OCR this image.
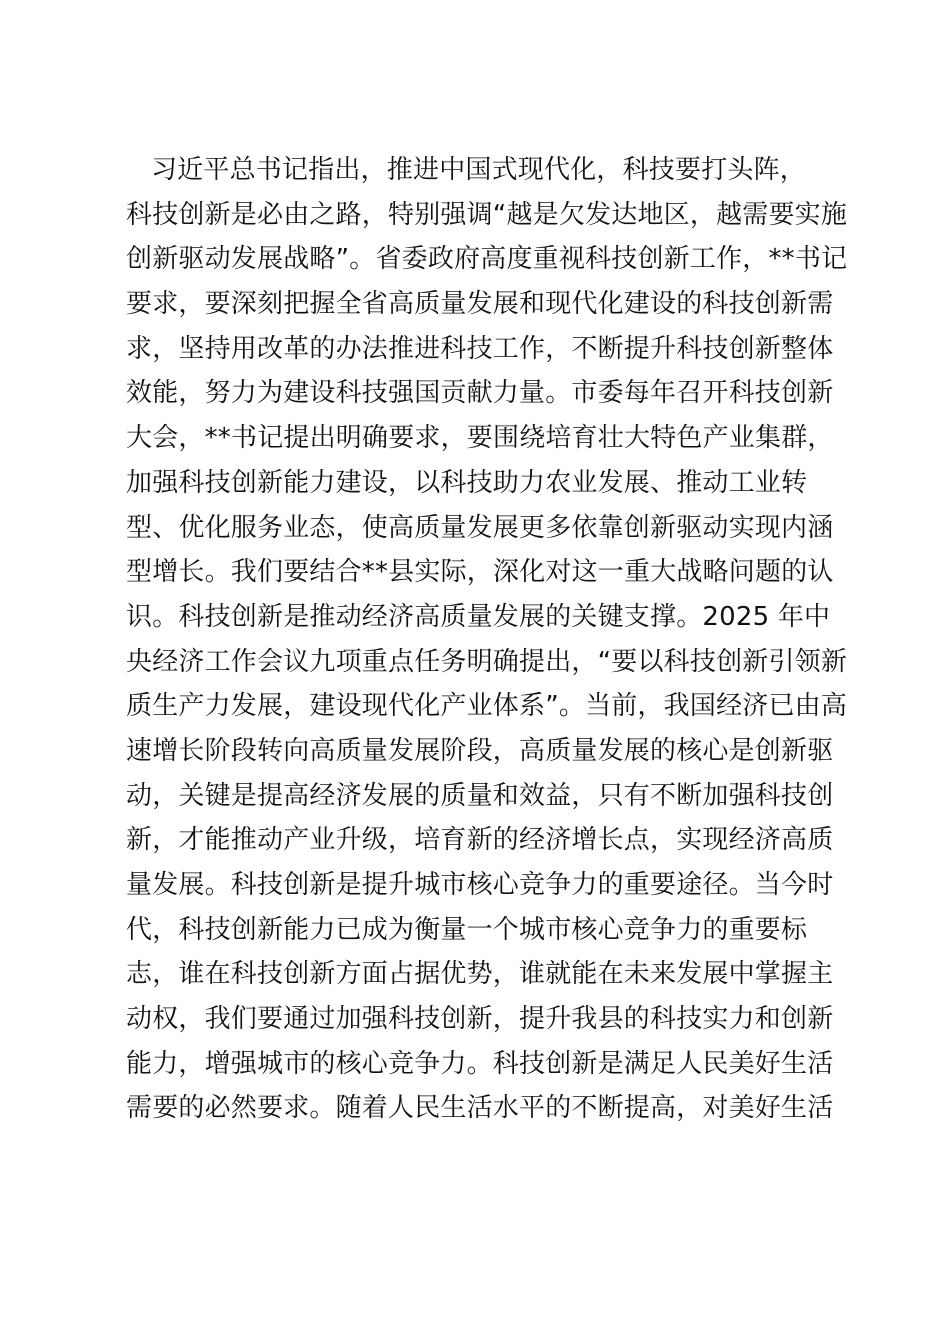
习近平总书记指出，推进中国式现代化，科技要打头阵，
科技创新是必由之路，特别强调“越是欠发达地区，越需要实施
创新驱动发展战略”。省委政府高度重视科技创新工作，**书记
要求，要深刻把握全省高质量发展和现代化建设的科技创新需
求，坚持用改革的办法推进科技工作，不断提升科技创新整体
效能，努力为建设科技强国贡献力量。市委每年召开科技创新
大会，**书记提出明确要求，要围绕培育壮大特色产业集群，
加强科技创新能力建设，以科技助力农业发展、推动工业转
型、优化服务业态，使高质量发展更多依靠创新驱动实现内涵
型增长。我们要结合**县实际，深化对这一重大战略问题的认
识。科技创新是推动经济高质量发展的关键支撑。2025 年中
央经济工作会议九项重点任务明确提出，“要以科技创新引领新
质生产力发展，建设现代化产业体系”。当前，我国经济已由高
速增长阶段转向高质量发展阶段，高质量发展的核心是创新驱
动，关键是提高经济发展的质量和效益，只有不断加强科技创
新，才能推动产业升级，培育新的经济增长点，实现经济高质
量发展。科技创新是提升城市核心竞争力的重要途径。当今时
代，科技创新能力已成为衡量一个城市核心竞争力的重要标
志，谁在科技创新方面占据优势，谁就能在未来发展中掌握主
动权，我们要通过加强科技创新，提升我县的科技实力和创新
能力，增强城市的核心竞争力。科技创新是满足人民美好生活
需要的必然要求。随着人民生活水平的不断提高，对美好生活
